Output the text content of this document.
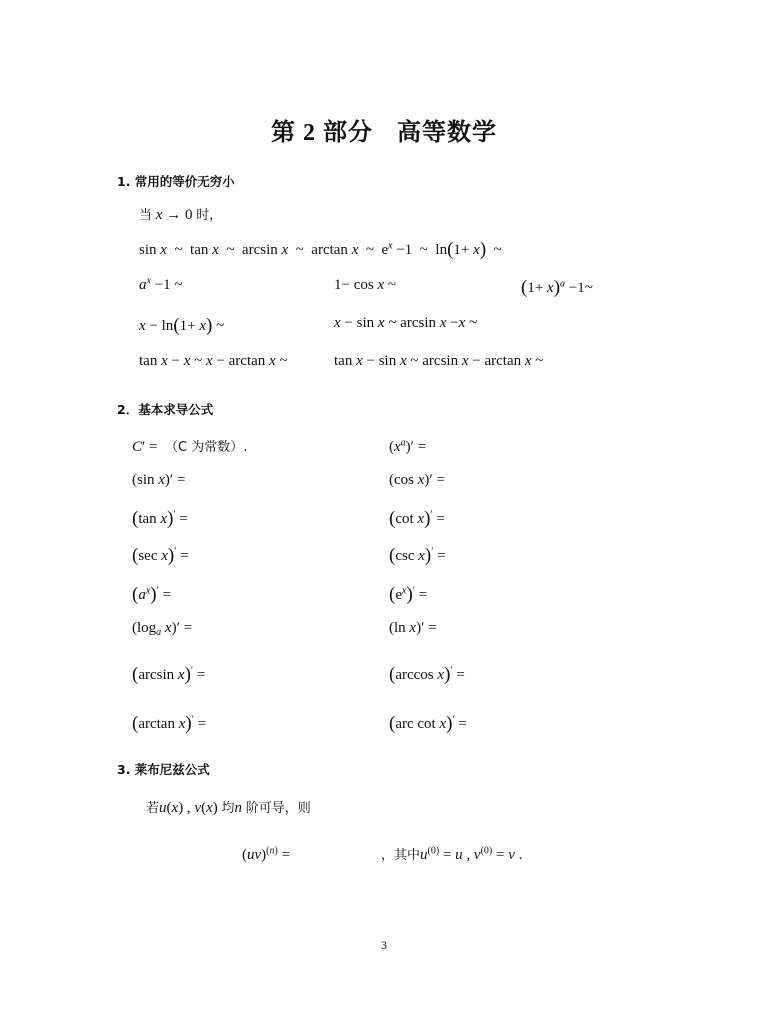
第 2 部分 高等数学
1. 常用的等价无穷小
当 x → 0 时，
sin x  ~  tan x  ~  arcsin x  ~  arctan x  ~  $e^x -1$  ~  ln(1+ x)  ~
$a^x -1$ ~	1− cos x ~	$(1+ x)^a$ −1~
x − ln(1+ x) ~	x − sin x ~ arcsin x −x ~
tan x − x ~ x − arctan x ~	tan x − sin x ~ arcsin x − arctan x ~
2．基本求导公式
C′ =  （C 为常数）.	$(x^a)'$ =
(sin x)′ =	(cos x)′ =
(tan x)′ =	(cot x)′ =
(sec x)′ =	(csc x)′ =
$(a^x)'$ =	$(e^x)'$ =
($\log_a$ x)′ =	(ln x)′ =
(arcsin x)′ =	(arccos x)′ =
(arctan x)′ =	(arc cot x)′ =
3. 莱布尼兹公式
若u(x) , v(x) 均n 阶可导，则
(uv)$^{(n)}$ =	，其中$u^{(0)} = u$ , $v^{(0)} = v$ .
3
